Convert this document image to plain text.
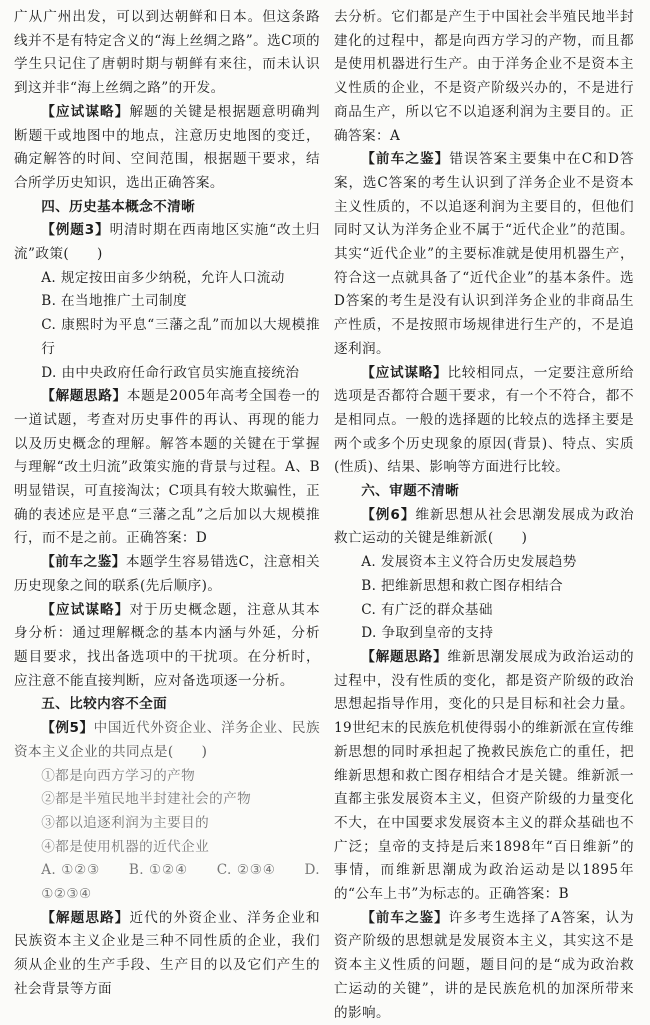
广从广州出发，可以到达朝鲜和日本。但这条路线并不是有特定含义的“海上丝绸之路”。选C项的学生只记住了唐朝时期与朝鲜有来往，而未认识到这并非“海上丝绸之路”的开发。

【应试谋略】解题的关键是根据题意明确判断题干或地图中的地点，注意历史地图的变迁，确定解答的时间、空间范围，根据题干要求，结合所学历史知识，选出正确答案。

四、历史基本概念不清晰

【例题3】明清时期在西南地区实施“改土归流”政策(　　)

A. 规定按田亩多少纳税，允许人口流动

B. 在当地推广土司制度

C. 康熙时为平息“三藩之乱”而加以大规模推行

D. 由中央政府任命行政官员实施直接统治

【解题思路】本题是2005年高考全国卷一的一道试题，考查对历史事件的再认、再现的能力以及历史概念的理解。解答本题的关键在于掌握与理解“改土归流”政策实施的背景与过程。A、B明显错误，可直接淘汰；C项具有较大欺骗性，正确的表述应是平息“三藩之乱”之后加以大规模推行，而不是之前。正确答案：D

【前车之鉴】本题学生容易错选C，注意相关历史现象之间的联系(先后顺序)。

【应试谋略】对于历史概念题，注意从其本身分析：通过理解概念的基本内涵与外延，分析题目要求，找出备选项中的干扰项。在分析时，应注意不能直接判断，应对备选项逐一分析。

五、比较内容不全面

【例5】中国近代外资企业、洋务企业、民族资本主义企业的共同点是(　　)

①都是向西方学习的产物

②都是半殖民地半封建社会的产物

③都以追逐利润为主要目的

④都是使用机器的近代企业

A. ①②③　　B. ①②④　　C. ②③④　　D. ①②③④

【解题思路】近代的外资企业、洋务企业和民族资本主义企业是三种不同性质的企业，我们须从企业的生产手段、生产目的以及它们产生的社会背景等方面

去分析。它们都是产生于中国社会半殖民地半封建化的过程中，都是向西方学习的产物，而且都是使用机器进行生产。由于洋务企业不是资本主义性质的企业，不是资产阶级兴办的，不是进行商品生产，所以它不以追逐利润为主要目的。正确答案：A

【前车之鉴】错误答案主要集中在C和D答案，选C答案的考生认识到了洋务企业不是资本主义性质的，不以追逐利润为主要目的，但他们同时又认为洋务企业不属于“近代企业”的范围。其实“近代企业”的主要标准就是使用机器生产，符合这一点就具备了“近代企业”的基本条件。选D答案的考生是没有认识到洋务企业的非商品生产性质，不是按照市场规律进行生产的，不是追逐利润。

【应试谋略】比较相同点，一定要注意所给选项是否都符合题干要求，有一个不符合，都不是相同点。一般的选择题的比较点的选择主要是两个或多个历史现象的原因(背景)、特点、实质(性质)、结果、影响等方面进行比较。

六、审题不清晰

【例6】维新思想从社会思潮发展成为政治救亡运动的关键是维新派(　　)

A. 发展资本主义符合历史发展趋势

B. 把维新思想和救亡图存相结合

C. 有广泛的群众基础

D. 争取到皇帝的支持

【解题思路】维新思潮发展成为政治运动的过程中，没有性质的变化，都是资产阶级的政治思想起指导作用，变化的只是目标和社会力量。19世纪末的民族危机使得弱小的维新派在宣传维新思想的同时承担起了挽救民族危亡的重任，把维新思想和救亡图存相结合才是关键。维新派一直都主张发展资本主义，但资产阶级的力量变化不大，在中国要求发展资本主义的群众基础也不广泛；皇帝的支持是后来1898年“百日维新”的事情，而维新思潮成为政治运动是以1895年的“公车上书”为标志的。正确答案：B

【前车之鉴】许多考生选择了A答案，认为资产阶级的思想就是发展资本主义，其实这不是资本主义性质的问题，题目问的是“成为政治救亡运动的关键”，讲的是民族危机的加深所带来的影响。
